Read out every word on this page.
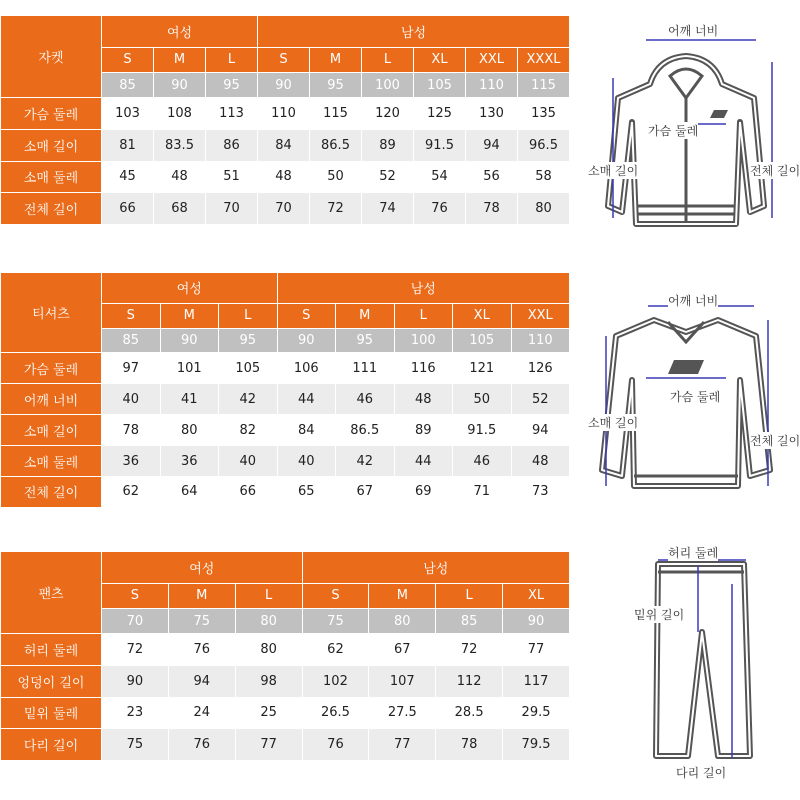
자켓	여성			남성					
	S	M	L	S	M	L	XL	XXL	XXXL
	85	90	95	90	95	100	105	110	115
가슴 둘레	103	108	113	110	115	120	125	130	135
소매 길이	81	83.5	86	84	86.5	89	91.5	94	96.5
소매 둘레	45	48	51	48	50	52	54	56	58
전체 길이	66	68	70	70	72	74	76	78	80
티셔츠	여성			남성				
	S	M	L	S	M	L	XL	XXL
	85	90	95	90	95	100	105	110
가슴 둘레	97	101	105	106	111	116	121	126
어깨 너비	40	41	42	44	46	48	50	52
소매 길이	78	80	82	84	86.5	89	91.5	94
소매 둘레	36	36	40	40	42	44	46	48
전체 길이	62	64	66	65	67	69	71	73
팬츠	여성			남성			
	S	M	L	S	M	L	XL
	70	75	80	75	80	85	90
허리 둘레	72	76	80	62	67	72	77
엉덩이 길이	90	94	98	102	107	112	117
밑위 둘레	23	24	25	26.5	27.5	28.5	29.5
다리 길이	75	76	77	76	77	78	79.5
어깨 너비
가슴 둘레
소매 길이	전체 길이
어깨 너비
가슴 둘레
소매 길이
전체 길이
허리 둘레
밑위 길이
다리 길이
